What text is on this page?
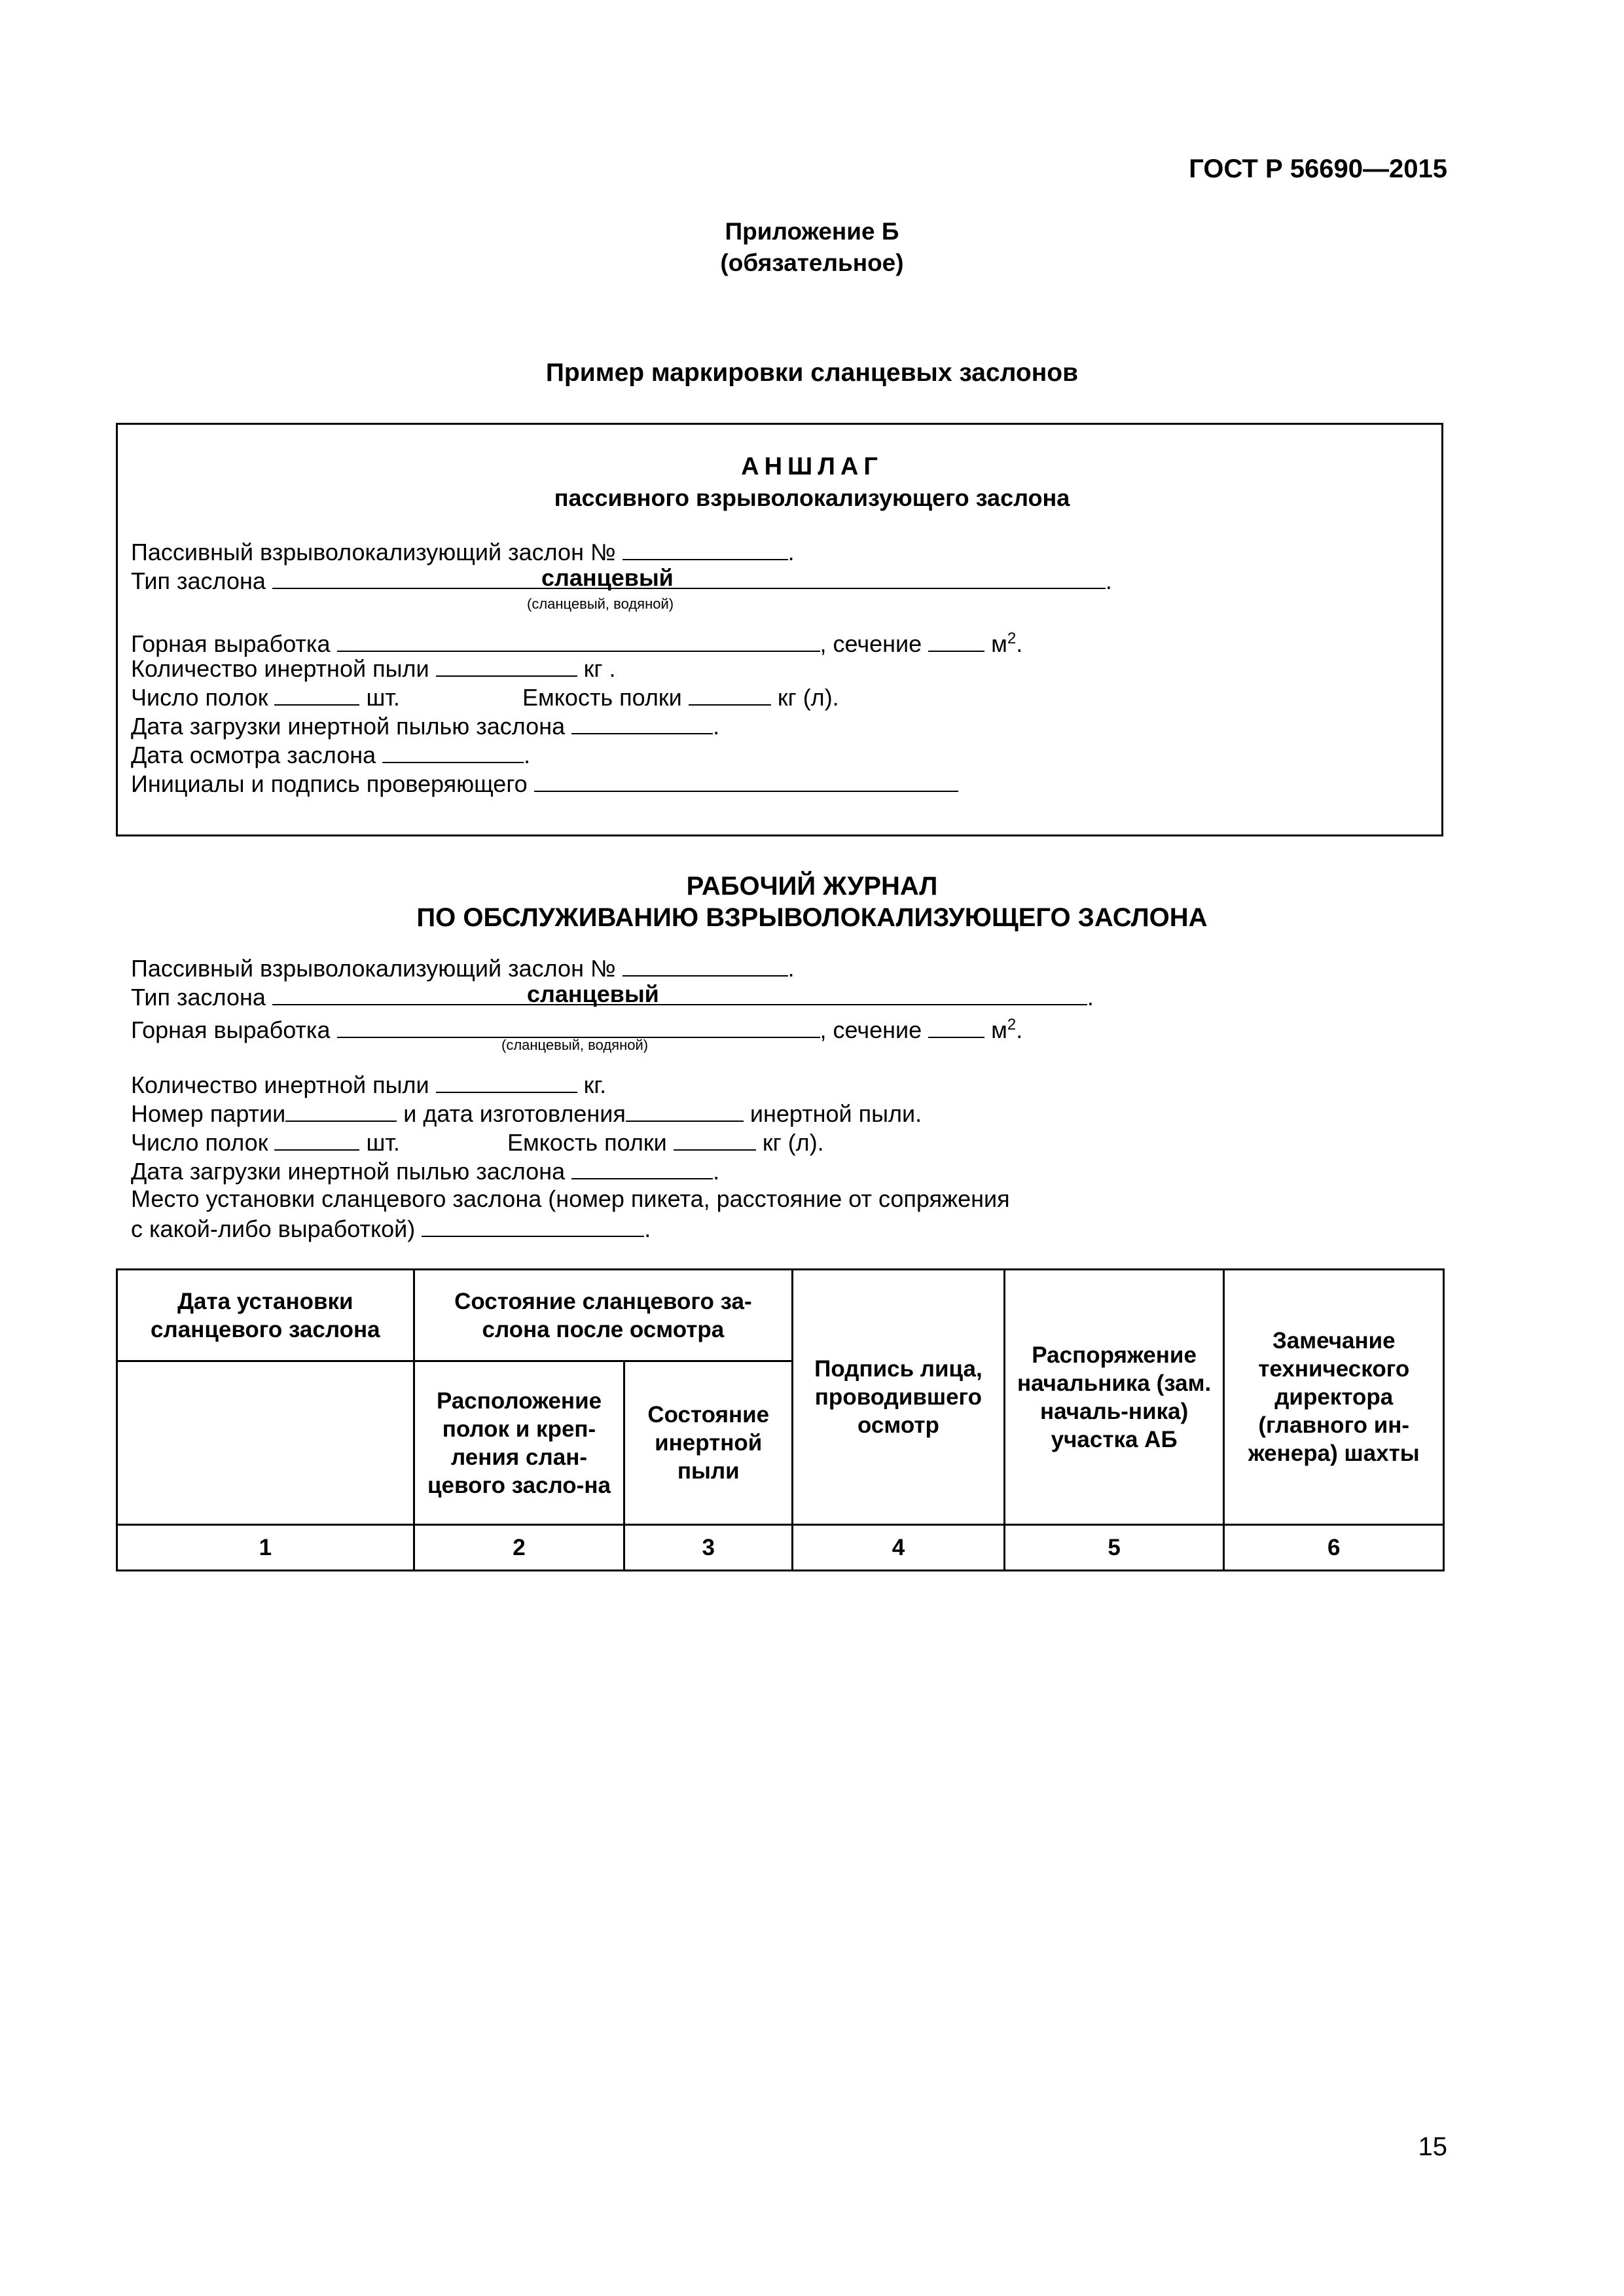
ГОСТ Р 56690—2015
Приложение Б
(обязательное)
Пример маркировки сланцевых заслонов
АНШЛАГ
пассивного взрыволокализующего заслона
Пассивный взрыволокализующий заслон №	.
Тип заслона	.
сланцевый
(сланцевый, водяной)
Горная выработка	, сечение	$м^2$.
Количество инертной пыли	кг .
Число полок	шт.	Емкость полки	кг (л).
Дата загрузки инертной пылью заслона	.
Дата осмотра заслона	.
Инициалы и подпись проверяющего
РАБОЧИЙ ЖУРНАЛ
ПО ОБСЛУЖИВАНИЮ ВЗРЫВОЛОКАЛИЗУЮЩЕГО ЗАСЛОНА
Пассивный взрыволокализующий заслон №	.
Тип заслона	.
сланцевый
Горная выработка	, сечение	$м^2$.
(сланцевый, водяной)
Количество инертной пыли	кг.
Номер партии	и дата изготовления	инертной пыли.
Число полок	шт.	Емкость полки	кг (л).
Дата загрузки инертной пылью заслона	.
Место установки сланцевого заслона (номер пикета, расстояние от сопряжения
с какой-либо выработкой)	.
Дата установки сланцевого заслона	Состояние сланцевого за-слона после осмотра		Подпись лица, проводившего осмотр	Распоряжение начальника (зам. началь-ника) участка АБ	Замечание технического директора (главного ин-женера) шахты
	Расположение полок и креп-ления слан-цевого засло-на	Состояние инертной пыли			
1	2	3	4	5	6
15
